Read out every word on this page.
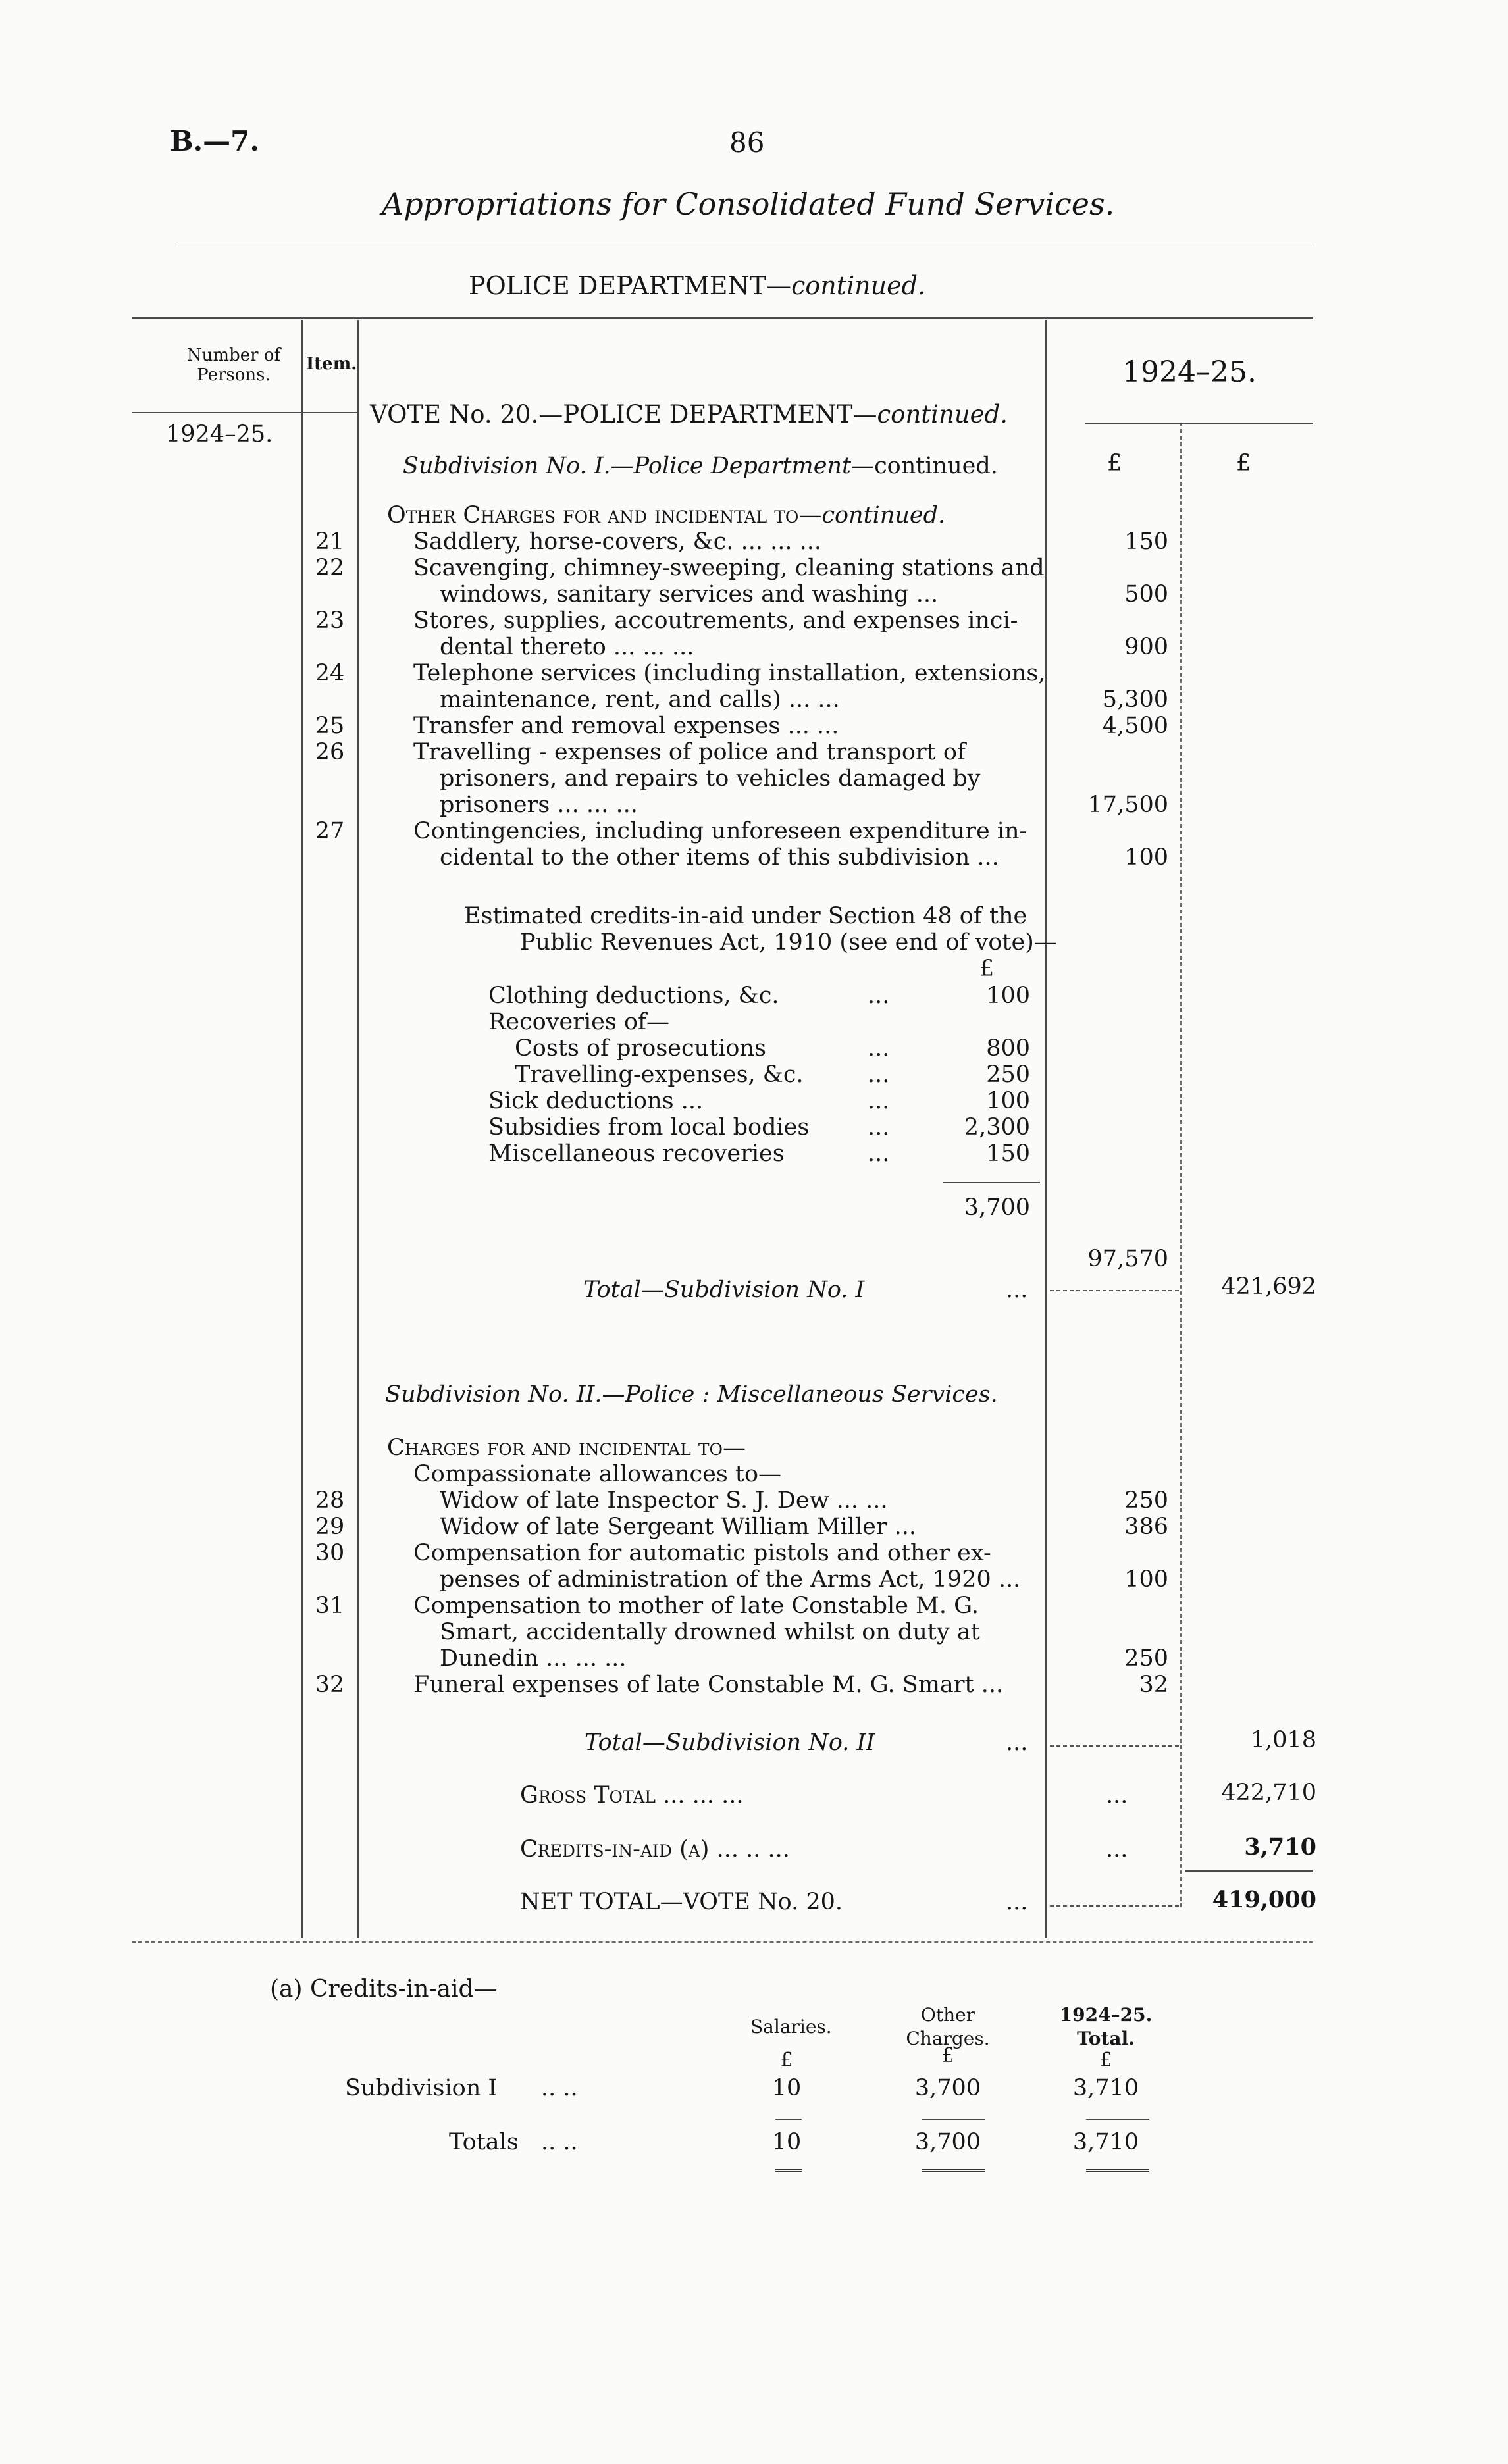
B.—7.	86
Appropriations for Consolidated Fund Services.
POLICE DEPARTMENT—continued.
Number of Persons.
Item.	1924–25.
1924–25.
£	£
VOTE No. 20.—POLICE DEPARTMENT—continued.
Subdivision No. I.—Police Department—continued.
Other Charges for and incidental to—continued.
21	Saddlery, horse-covers, &c. ... ... ...	150
22	Scavenging, chimney-sweeping, cleaning stations and
windows, sanitary services and washing ...	500
23	Stores, supplies, accoutrements, and expenses inci-
dental thereto ... ... ...	900
24	Telephone services (including installation, extensions,
maintenance, rent, and calls) ... ...	5,300
25	Transfer and removal expenses ... ...	4,500
26	Travelling - expenses of police and transport of
prisoners, and repairs to vehicles damaged by
prisoners ... ... ...	17,500
27	Contingencies, including unforeseen expenditure in-
cidental to the other items of this subdivision ...	100
Estimated credits-in-aid under Section 48 of the
Public Revenues Act, 1910 (see end of vote)—
£
Clothing deductions, &c.	...	100
Recoveries of—
Costs of prosecutions	...	800
Travelling-expenses, &c.	...	250
Sick deductions ...	...	100
Subsidies from local bodies	...	2,300
Miscellaneous recoveries	...	150
3,700
97,570
Total—Subdivision No. I	...	421,692
Subdivision No. II.—Police : Miscellaneous Services.
Charges for and incidental to—
Compassionate allowances to—
28	Widow of late Inspector S. J. Dew ... ...	250
29	Widow of late Sergeant William Miller ...	386
30	Compensation for automatic pistols and other ex-
penses of administration of the Arms Act, 1920 ...	100
31	Compensation to mother of late Constable M. G.
Smart, accidentally drowned whilst on duty at
Dunedin ... ... ...	250
32	Funeral expenses of late Constable M. G. Smart ...	32
Total—Subdivision No. II	...	1,018
Gross Total ... ... ...	...	422,710
Credits-in-aid (a) ... .. ...	...	3,710
NET TOTAL—VOTE No. 20.	...	419,000
(a) Credits-in-aid—
Salaries.
Other
Charges.
1924–25.
Total.
£	£	£
Subdivision I .. ..	10	3,700	3,710
Totals .. ..	10	3,700	3,710
